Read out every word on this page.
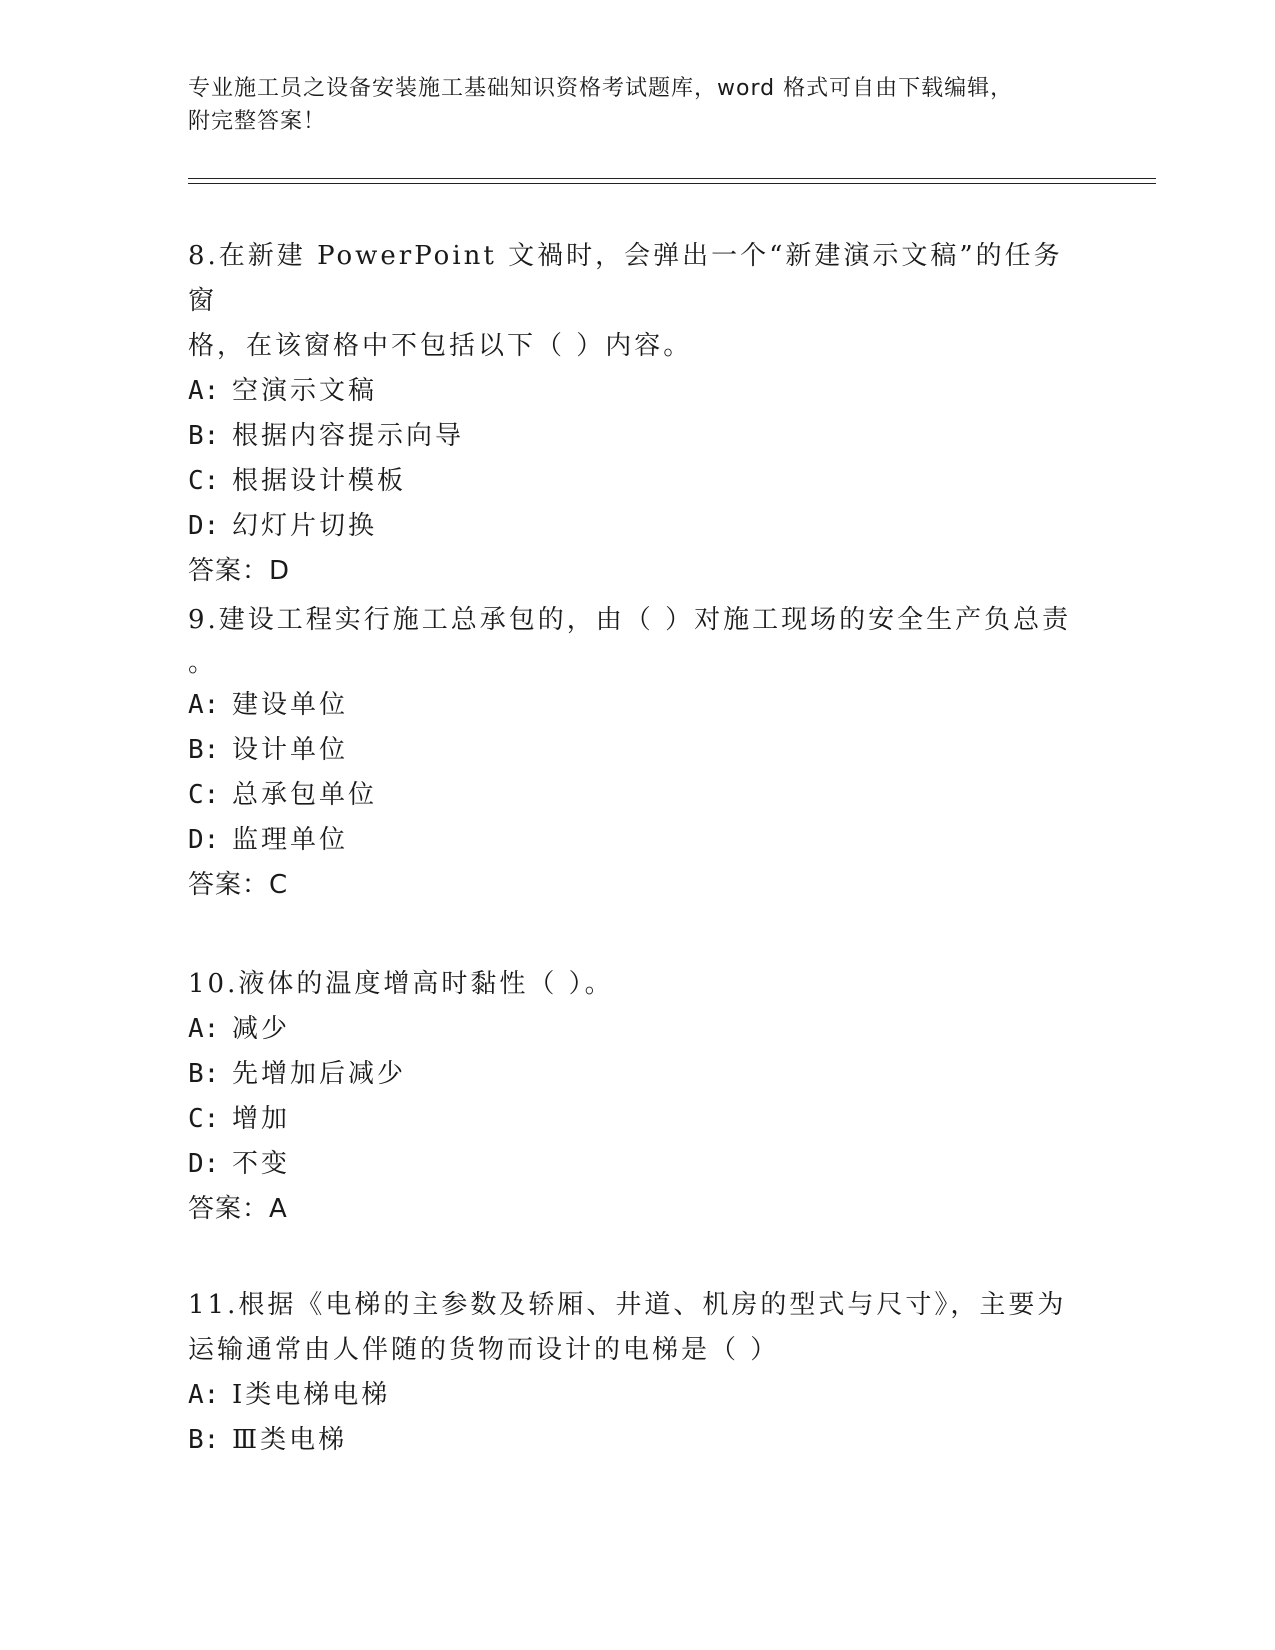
专业施工员之设备安装施工基础知识资格考试题库，word 格式可自由下载编辑，
附完整答案！

8.在新建 PowerPoint 文禍时，会弹出一个“新建演示文稿”的任务窗

格，在该窗格中不包括以下（ ）内容。

A: 空演示文稿

B: 根据内容提示向导

C: 根据设计模板

D: 幻灯片切换

答案：D

9.建设工程实行施工总承包的，由（ ）对施工现场的安全生产负总责

。

A: 建设单位

B: 设计单位

C: 总承包单位

D: 监理单位

答案：C

10.液体的温度增高时黏性（ ）。

A: 减少

B: 先增加后减少

C: 增加

D: 不变

答案：A

11.根据《电梯的主参数及轿厢、井道、机房的型式与尺寸》，主要为

运输通常由人伴随的货物而设计的电梯是（ ）

A: Ⅰ类电梯电梯

B: Ⅲ类电梯
